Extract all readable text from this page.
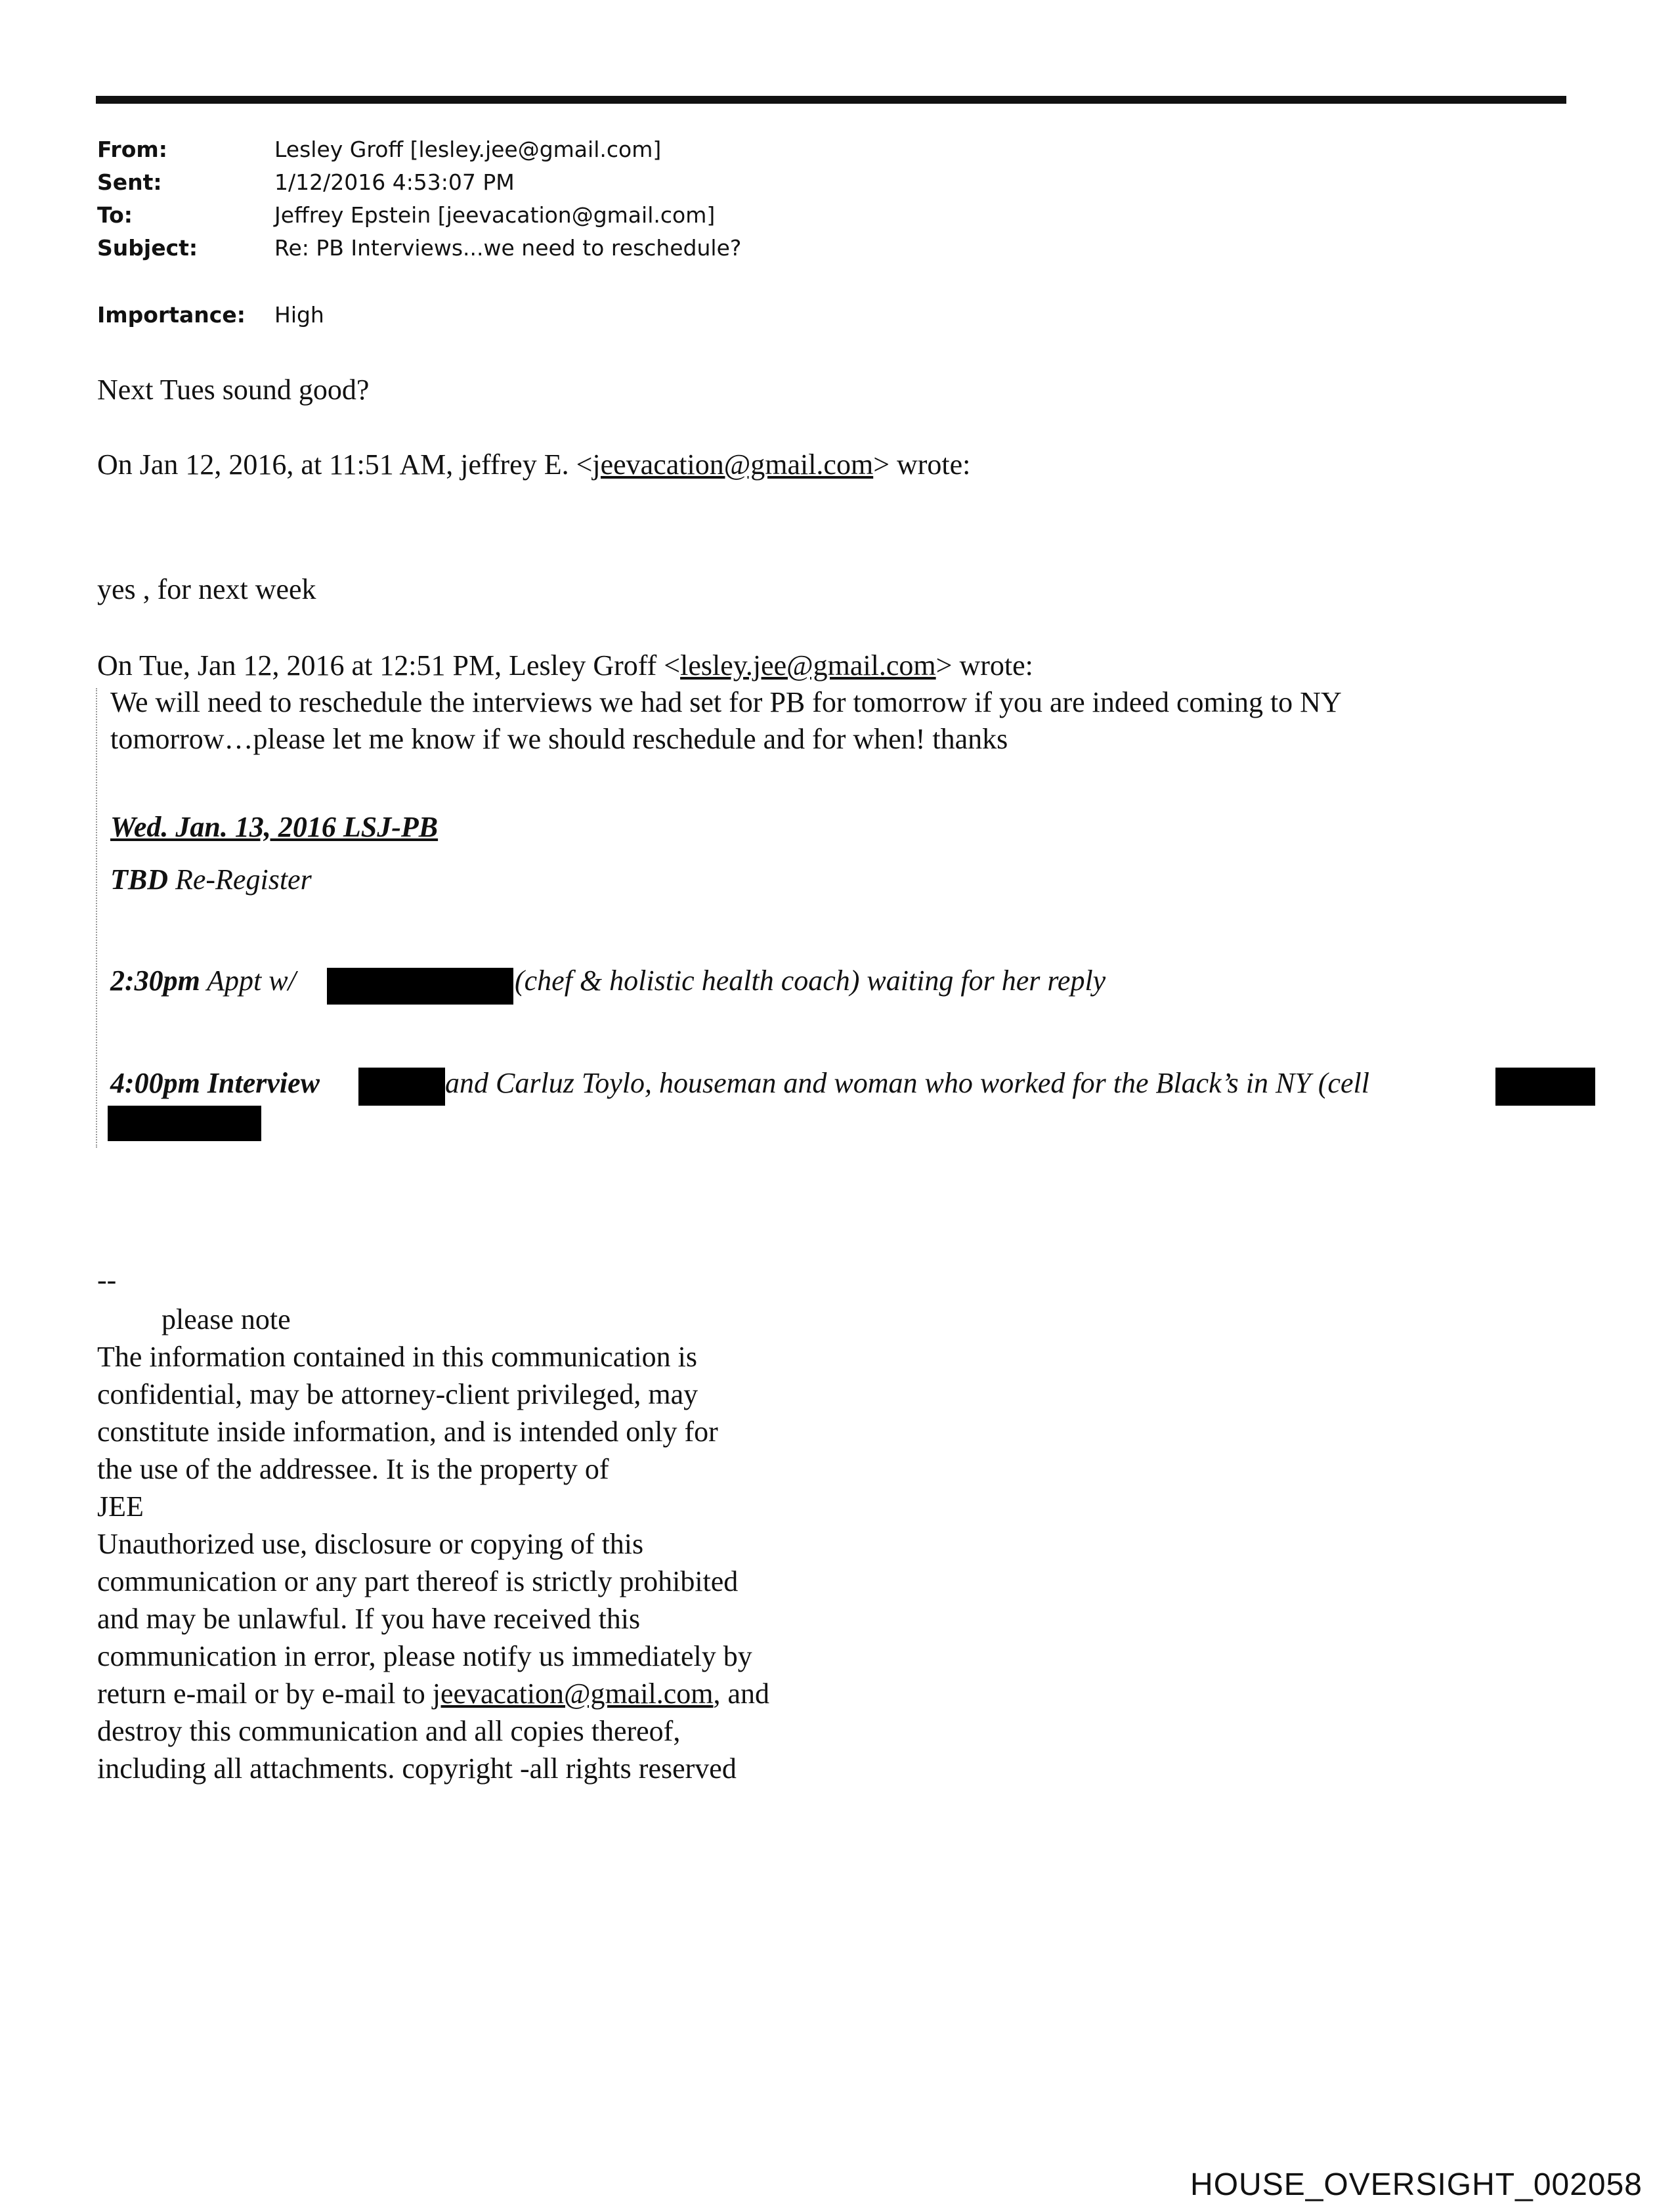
From:	Lesley Groff [lesley.jee@gmail.com]
Sent:	1/12/2016 4:53:07 PM
To:	Jeffrey Epstein [jeevacation@gmail.com]
Subject:	Re: PB Interviews...we need to reschedule?
Importance: High
Next Tues sound good?
On Jan 12, 2016, at 11:51 AM, jeffrey E. <jeevacation@gmail.com> wrote:
yes , for next week
On Tue, Jan 12, 2016 at 12:51 PM, Lesley Groff <lesley.jee@gmail.com> wrote:
We will need to reschedule the interviews we had set for PB for tomorrow if you are indeed coming to NY
tomorrow…please let me know if we should reschedule and for when! thanks
Wed. Jan. 13, 2016 LSJ-PB
TBD Re-Register
2:30pm Appt w/	(chef & holistic health coach) waiting for her reply
4:00pm Interview	and Carluz Toylo, houseman and woman who worked for the Black’s in NY (cell
--
please note
The information contained in this communication is
confidential, may be attorney-client privileged, may
constitute inside information, and is intended only for
the use of the addressee. It is the property of
JEE
Unauthorized use, disclosure or copying of this
communication or any part thereof is strictly prohibited
and may be unlawful. If you have received this
communication in error, please notify us immediately by
return e-mail or by e-mail to jeevacation@gmail.com, and
destroy this communication and all copies thereof,
including all attachments. copyright -all rights reserved
HOUSE_OVERSIGHT_002058
